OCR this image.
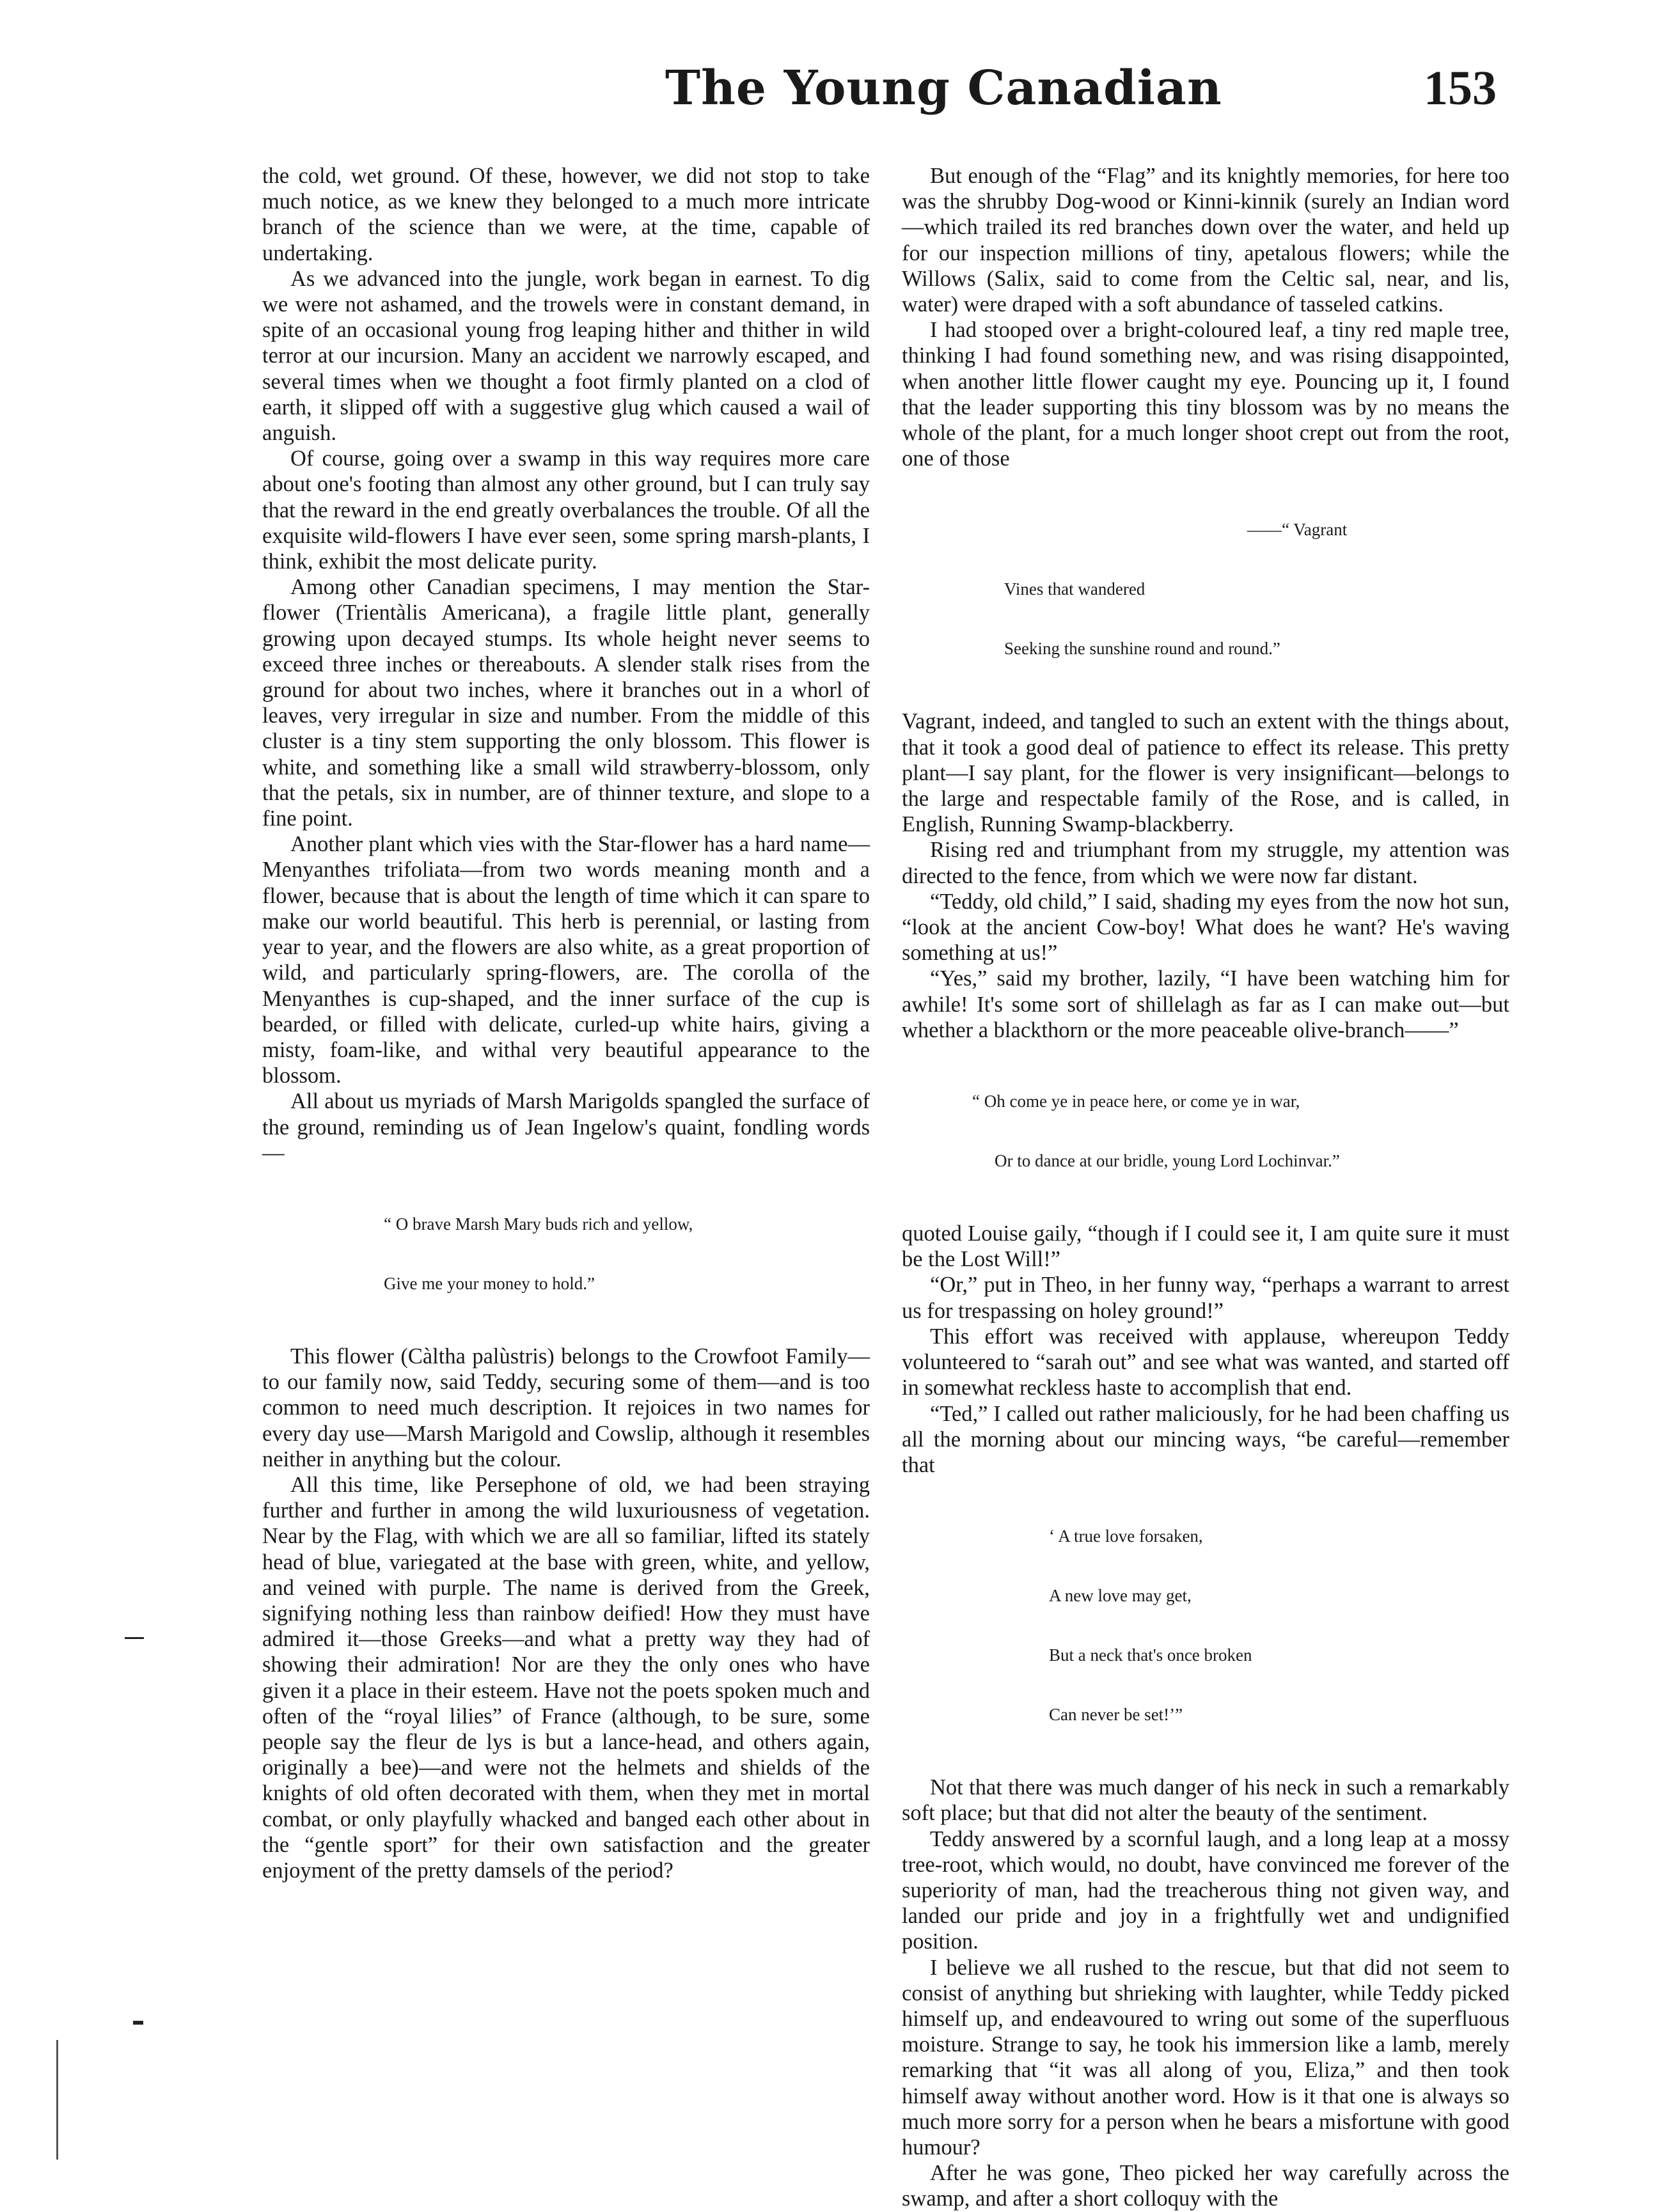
The Young Canadian	153

the cold, wet ground. Of these, however, we did not stop to take much notice, as we knew they belonged to a much more intricate branch of the science than we were, at the time, capable of undertaking.

As we advanced into the jungle, work began in earnest. To dig we were not ashamed, and the trowels were in constant demand, in spite of an occasional young frog leaping hither and thither in wild terror at our incursion. Many an accident we narrowly escaped, and several times when we thought a foot firmly planted on a clod of earth, it slipped off with a suggestive glug which caused a wail of anguish.

Of course, going over a swamp in this way requires more care about one's footing than almost any other ground, but I can truly say that the reward in the end greatly overbalances the trouble. Of all the exquisite wild-flowers I have ever seen, some spring marsh-plants, I think, exhibit the most delicate purity.

Among other Canadian specimens, I may mention the Star-flower (Trientàlis Americana), a fragile little plant, generally growing upon decayed stumps. Its whole height never seems to exceed three inches or thereabouts. A slender stalk rises from the ground for about two inches, where it branches out in a whorl of leaves, very irregular in size and number. From the middle of this cluster is a tiny stem supporting the only blossom. This flower is white, and something like a small wild strawberry-blossom, only that the petals, six in number, are of thinner texture, and slope to a fine point.

Another plant which vies with the Star-flower has a hard name—Menyanthes trifoliata—from two words meaning month and a flower, because that is about the length of time which it can spare to make our world beautiful. This herb is perennial, or lasting from year to year, and the flowers are also white, as a great proportion of wild, and particularly spring-flowers, are. The corolla of the Menyanthes is cup-shaped, and the inner surface of the cup is bearded, or filled with delicate, curled-up white hairs, giving a misty, foam-like, and withal very beautiful appearance to the blossom.

All about us myriads of Marsh Marigolds spangled the surface of the ground, reminding us of Jean Ingelow's quaint, fondling words—

“ O brave Marsh Mary buds rich and yellow,

Give me your money to hold.”

This flower (Càltha palùstris) belongs to the Crowfoot Family—to our family now, said Teddy, securing some of them—and is too common to need much description. It rejoices in two names for every day use—Marsh Marigold and Cowslip, although it resembles neither in anything but the colour.

All this time, like Persephone of old, we had been straying further and further in among the wild luxuriousness of vegetation. Near by the Flag, with which we are all so familiar, lifted its stately head of blue, variegated at the base with green, white, and yellow, and veined with purple. The name is derived from the Greek, signifying nothing less than rainbow deified! How they must have admired it—those Greeks—and what a pretty way they had of showing their admiration! Nor are they the only ones who have given it a place in their esteem. Have not the poets spoken much and often of the “royal lilies” of France (although, to be sure, some people say the fleur de lys is but a lance-head, and others again, originally a bee)—and were not the helmets and shields of the knights of old often decorated with them, when they met in mortal combat, or only playfully whacked and banged each other about in the “gentle sport” for their own satisfaction and the greater enjoyment of the pretty damsels of the period?

But enough of the “Flag” and its knightly memories, for here too was the shrubby Dog-wood or Kinni-kinnik (surely an Indian word—which trailed its red branches down over the water, and held up for our inspection millions of tiny, apetalous flowers; while the Willows (Salix, said to come from the Celtic sal, near, and lis, water) were draped with a soft abundance of tasseled catkins.

I had stooped over a bright-coloured leaf, a tiny red maple tree, thinking I had found something new, and was rising disappointed, when another little flower caught my eye. Pouncing up it, I found that the leader supporting this tiny blossom was by no means the whole of the plant, for a much longer shoot crept out from the root, one of those

——“ Vagrant

Vines that wandered

Seeking the sunshine round and round.”

Vagrant, indeed, and tangled to such an extent with the things about, that it took a good deal of patience to effect its release. This pretty plant—I say plant, for the flower is very insignificant—belongs to the large and respectable family of the Rose, and is called, in English, Running Swamp-blackberry.

Rising red and triumphant from my struggle, my attention was directed to the fence, from which we were now far distant.

“Teddy, old child,” I said, shading my eyes from the now hot sun, “look at the ancient Cow-boy! What does he want? He's waving something at us!”

“Yes,” said my brother, lazily, “I have been watching him for awhile! It's some sort of shillelagh as far as I can make out—but whether a blackthorn or the more peaceable olive-branch——”

“ Oh come ye in peace here, or come ye in war,

Or to dance at our bridle, young Lord Lochinvar.”

quoted Louise gaily, “though if I could see it, I am quite sure it must be the Lost Will!”

“Or,” put in Theo, in her funny way, “perhaps a warrant to arrest us for trespassing on holey ground!”

This effort was received with applause, whereupon Teddy volunteered to “sarah out” and see what was wanted, and started off in somewhat reckless haste to accomplish that end.

“Ted,” I called out rather maliciously, for he had been chaffing us all the morning about our mincing ways, “be careful—remember that

‘ A true love forsaken,

A new love may get,

But a neck that's once broken

Can never be set!’”

Not that there was much danger of his neck in such a remarkably soft place; but that did not alter the beauty of the sentiment.

Teddy answered by a scornful laugh, and a long leap at a mossy tree-root, which would, no doubt, have convinced me forever of the superiority of man, had the treacherous thing not given way, and landed our pride and joy in a frightfully wet and undignified position.

I believe we all rushed to the rescue, but that did not seem to consist of anything but shrieking with laughter, while Teddy picked himself up, and endeavoured to wring out some of the superfluous moisture. Strange to say, he took his immersion like a lamb, merely remarking that “it was all along of you, Eliza,” and then took himself away without another word. How is it that one is always so much more sorry for a person when he bears a misfortune with good humour?

After he was gone, Theo picked her way carefully across the swamp, and after a short colloquy with the
